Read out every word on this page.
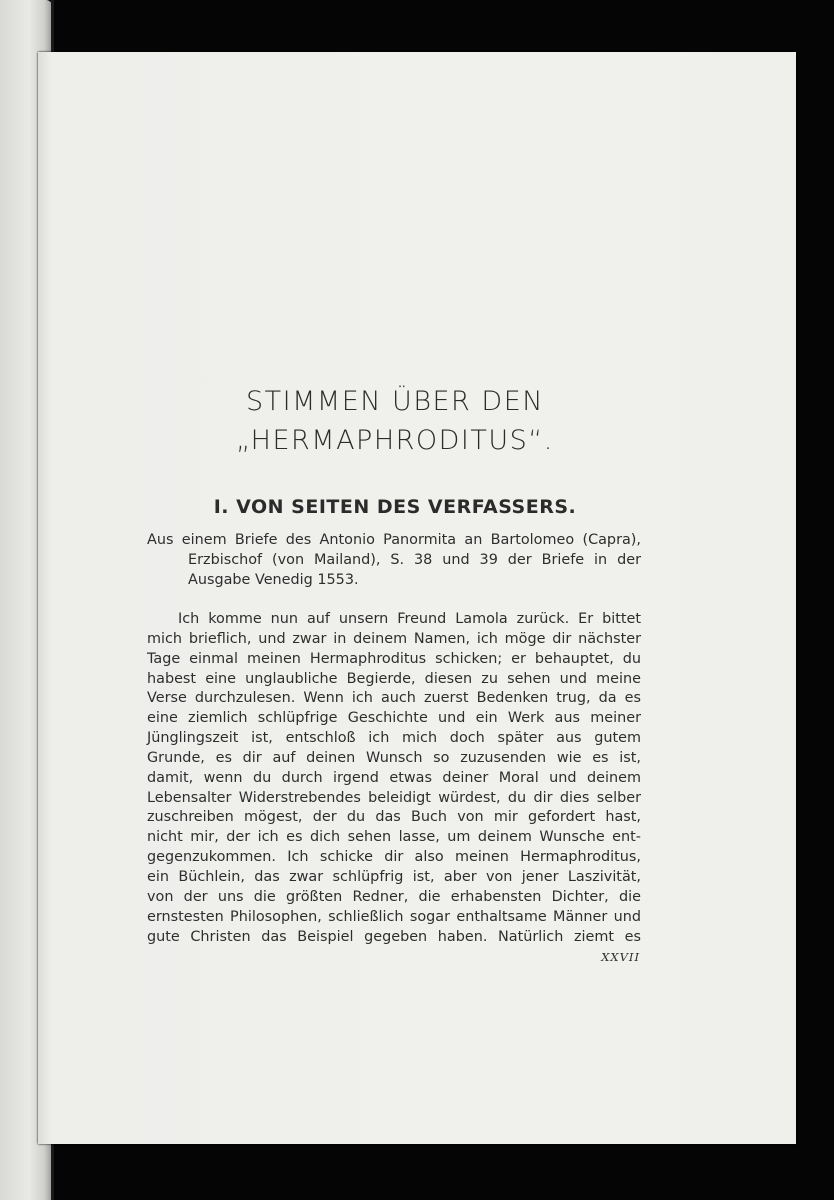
STIMMEN ÜBER DEN
„HERMAPHRODITUS“.
I. VON SEITEN DES VERFASSERS.

Aus einem Briefe des Antonio Panormita an Bartolomeo (Capra),
Erzbischof (von Mailand), S. 38 und 39 der Briefe in der
Ausgabe Venedig 1553.

Ich komme nun auf unsern Freund Lamola zurück. Er bittet
mich brieflich, und zwar in deinem Namen, ich möge dir nächster
Tage einmal meinen Hermaphroditus schicken; er behauptet, du
habest eine unglaubliche Begierde, diesen zu sehen und meine
Verse durchzulesen. Wenn ich auch zuerst Bedenken trug, da es
eine ziemlich schlüpfrige Geschichte und ein Werk aus meiner
Jünglingszeit ist, entschloß ich mich doch später aus gutem
Grunde, es dir auf deinen Wunsch so zuzusenden wie es ist,
damit, wenn du durch irgend etwas deiner Moral und deinem
Lebensalter Widerstrebendes beleidigt würdest, du dir dies selber
zuschreiben mögest, der du das Buch von mir gefordert hast,
nicht mir, der ich es dich sehen lasse, um deinem Wunsche ent-
gegenzukommen. Ich schicke dir also meinen Hermaphroditus,
ein Büchlein, das zwar schlüpfrig ist, aber von jener Laszivität,
von der uns die größten Redner, die erhabensten Dichter, die
ernstesten Philosophen, schließlich sogar enthaltsame Männer und
gute Christen das Beispiel gegeben haben. Natürlich ziemt es

XXVII
